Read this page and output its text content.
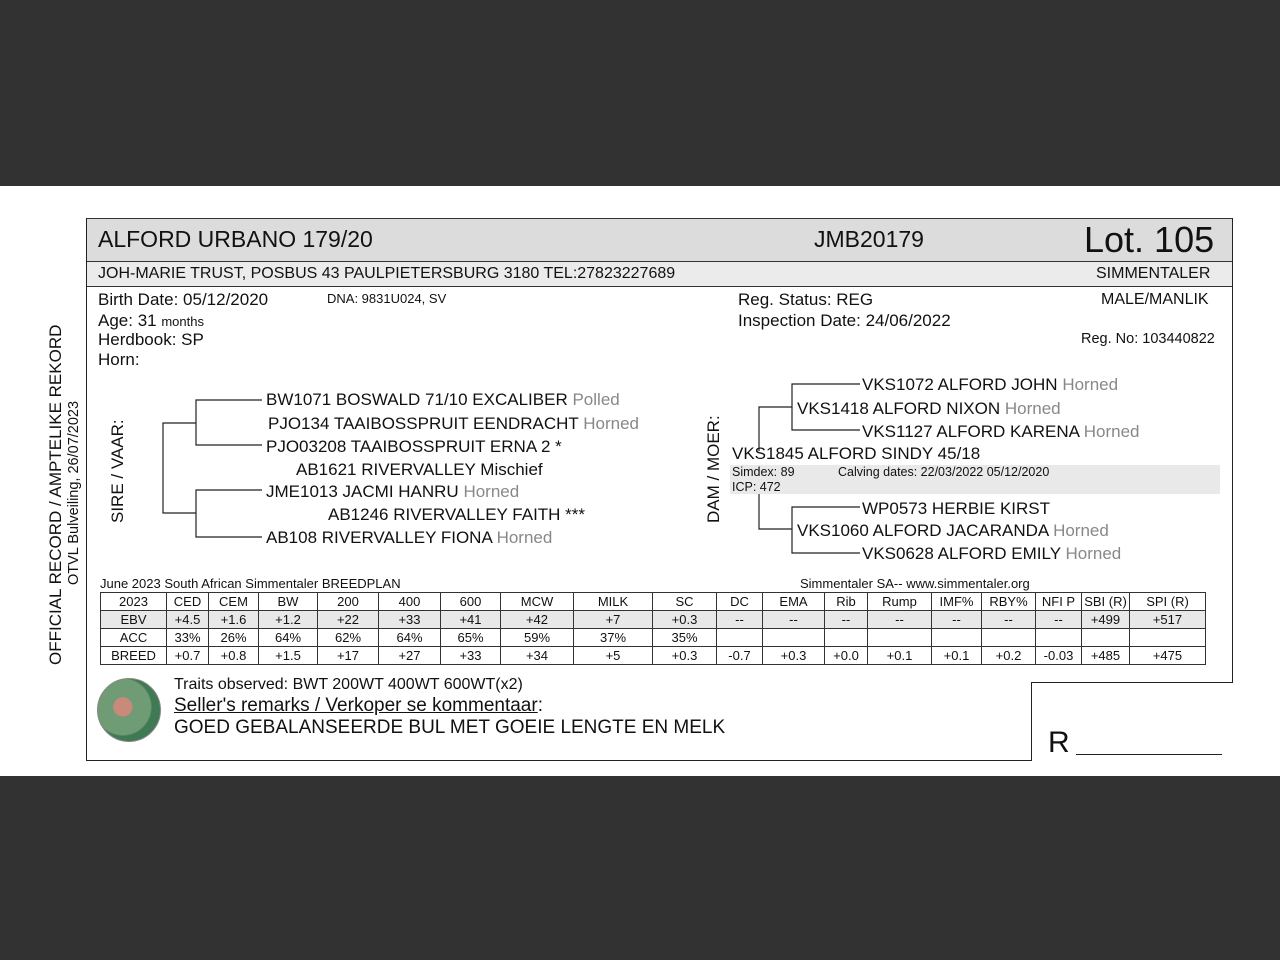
ALFORD URBANO 179/20	JMB20179	Lot. 105
JOH-MARIE TRUST, POSBUS 43 PAULPIETERSBURG 3180 TEL:27823227689	SIMMENTALER
Birth Date: 05/12/2020	DNA: 9831U024, SV
Age: 31 months
Herdbook: SP
Horn:
Reg. Status: REG
Inspection Date: 24/06/2022
MALE/MANLIK
Reg. No: 103440822
OFFICIAL RECORD / AMPTELIKE REKORD OTVL Bulveiling, 26/07/2023 SIRE / VAAR:	DAM / MOER:
BW1071 BOSWALD 71/10 EXCALIBER Polled
PJO134 TAAIBOSSPRUIT EENDRACHT Horned
PJO03208 TAAIBOSSPRUIT ERNA 2 *
AB1621 RIVERVALLEY Mischief
JME1013 JACMI HANRU Horned
AB1246 RIVERVALLEY FAITH ***
AB108 RIVERVALLEY FIONA Horned
VKS1072 ALFORD JOHN Horned
VKS1418 ALFORD NIXON Horned
VKS1127 ALFORD KARENA Horned
VKS1845 ALFORD SINDY 45/18
Simdex: 89	Calving dates: 22/03/2022 05/12/2020
ICP: 472
WP0573 HERBIE KIRST
VKS1060 ALFORD JACARANDA Horned
VKS0628 ALFORD EMILY Horned
June 2023 South African Simmentaler BREEDPLAN	Simmentaler SA-- www.simmentaler.org
2023	CED	CEM	BW	200	400	600	MCW	MILK	SC	DC	EMA	Rib	Rump	IMF%	RBY%	NFI P	SBI (R)	SPI (R)
EBV	+4.5	+1.6	+1.2	+22	+33	+41	+42	+7	+0.3	--	--	--	--	--	--	--	+499	+517
ACC	33%	26%	64%	62%	64%	65%	59%	37%	35%									
BREED	+0.7	+0.8	+1.5	+17	+27	+33	+34	+5	+0.3	-0.7	+0.3	+0.0	+0.1	+0.1	+0.2	-0.03	+485	+475
Traits observed: BWT 200WT 400WT 600WT(x2)
Seller's remarks / Verkoper se kommentaar:
GOED GEBALANSEERDE BUL MET GOEIE LENGTE EN MELK	R
